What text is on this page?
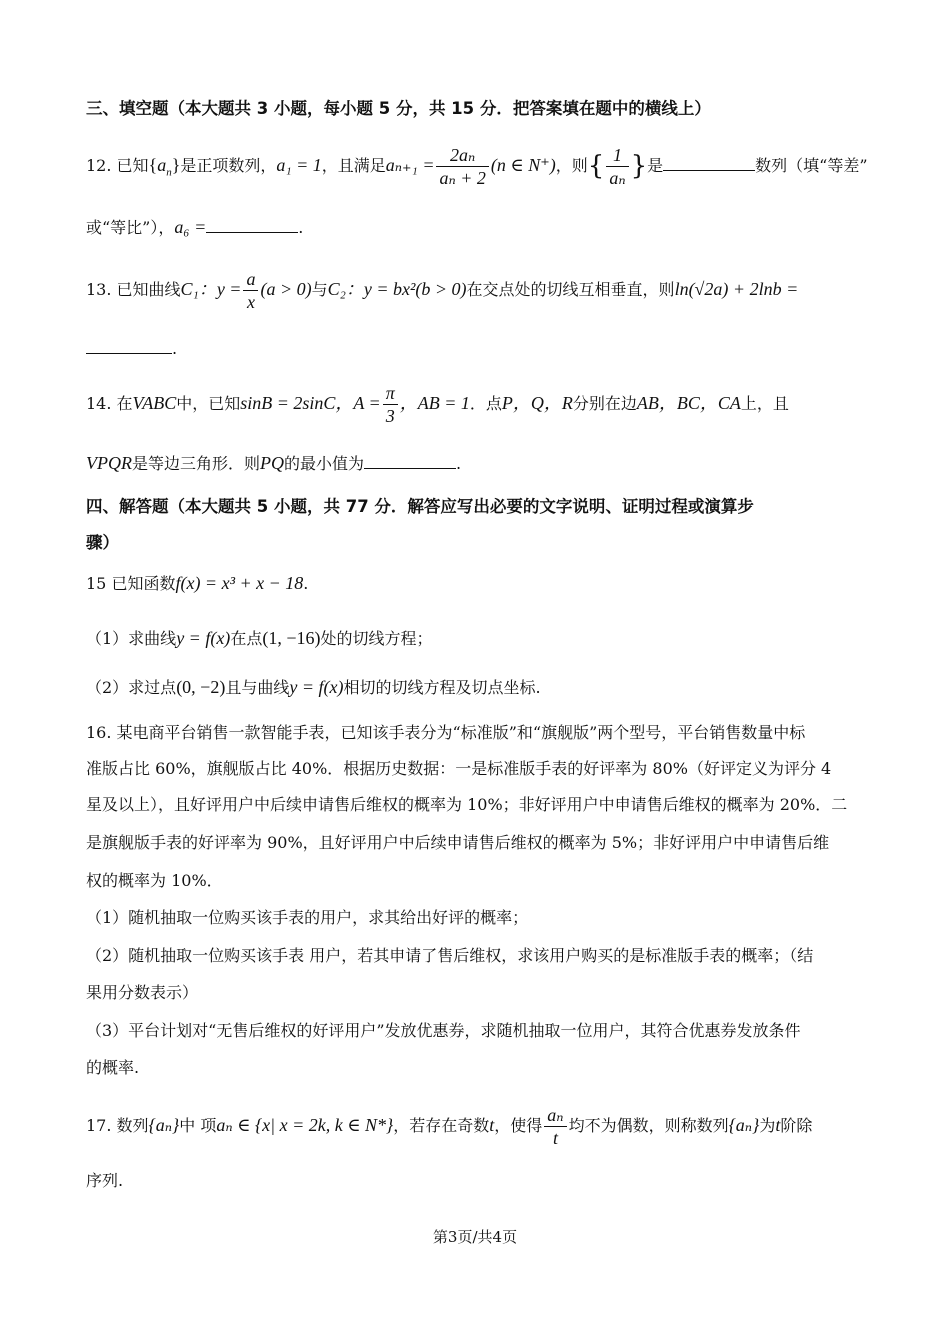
三、填空题（本大题共 3 小题，每小题 5 分，共 15 分．把答案填在题中的横线上）
12. 已知$\{a_n\}$是正项数列，a₁ = 1，且满足$a_{n+1} = \frac{\text{2aₙ}}{\text{aₙ + 2}} (n$ ∈ N⁺)，则{ $\frac{1}{\text{aₙ}}$ }是	数列（填“等差”
或“等比”），a₆ =	.
13. 已知曲线C₁：$y = \frac{a}{x} (a > 0)$与C₂：y = bx²(b > 0)在交点处的切线互相垂直，则ln(√2a) + 2lnb =
.
14. 在VABC中，已知sinB = 2sinC，$A = \frac{\pi}{3}$ ，AB = 1．点P，Q，R分别在边AB，BC，CA上，且
VPQR是等边三角形．则PQ的最小值为	.
四、解答题（本大题共 5 小题，共 77 分．解答应写出必要的文字说明、证明过程或演算步
骤）
15 已知函数f(x) = x³ + x − 18.
（1）求曲线y = f(x)在点(1, −16)处的切线方程；
（2）求过点(0, −2)且与曲线y = f(x)相切的切线方程及切点坐标.
16. 某电商平台销售一款智能手表，已知该手表分为“标准版”和“旗舰版”两个型号，平台销售数量中标
准版占比 60%，旗舰版占比 40%．根据历史数据：一是标准版手表的好评率为 80%（好评定义为评分 4
星及以上），且好评用户中后续申请售后维权的概率为 10%；非好评用户中申请售后维权的概率为 20%．二
是旗舰版手表的好评率为 90%，且好评用户中后续申请售后维权的概率为 5%；非好评用户中申请售后维
权的概率为 10%．
（1）随机抽取一位购买该手表的用户，求其给出好评的概率；
（2）随机抽取一位购买该手表 用户，若其申请了售后维权，求该用户购买的是标准版手表的概率；（结
果用分数表示）
（3）平台计划对“无售后维权的好评用户”发放优惠券，求随机抽取一位用户，其符合优惠券发放条件
的概率.
17. 数列{aₙ}中 项aₙ ∈ {x| x = 2k, k ∈ N*}，若存在奇数t，使得 $\frac{\text{aₙ}}{t}$ 均不为偶数，则称数列{aₙ}为t阶除
序列.
第3页/共4页
